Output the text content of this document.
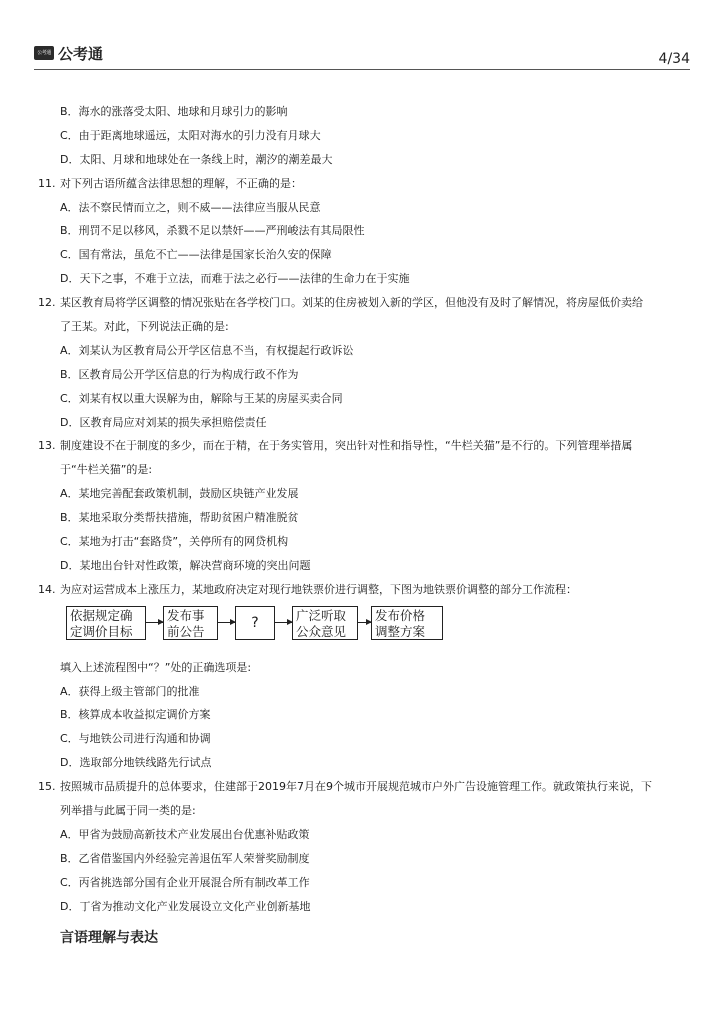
公考通 公考通	4/34
B．海水的涨落受太阳、地球和月球引力的影响
C．由于距离地球遥远，太阳对海水的引力没有月球大
D．太阳、月球和地球处在一条线上时，潮汐的潮差最大
11. 对下列古语所蕴含法律思想的理解，不正确的是：
A．法不察民情而立之，则不威——法律应当服从民意
B．刑罚不足以移风，杀戮不足以禁奸——严刑峻法有其局限性
C．国有常法，虽危不亡——法律是国家长治久安的保障
D．天下之事，不难于立法，而难于法之必行——法律的生命力在于实施
12. 某区教育局将学区调整的情况张贴在各学校门口。刘某的住房被划入新的学区，但他没有及时了解情况，将房屋低价卖给
了王某。对此，下列说法正确的是:
A．刘某认为区教育局公开学区信息不当，有权提起行政诉讼
B．区教育局公开学区信息的行为构成行政不作为
C．刘某有权以重大误解为由，解除与王某的房屋买卖合同
D．区教育局应对刘某的损失承担赔偿责任
13. 制度建设不在于制度的多少，而在于精，在于务实管用，突出针对性和指导性，“牛栏关猫”是不行的。下列管理举措属
于“牛栏关猫”的是:
A．某地完善配套政策机制，鼓励区块链产业发展
B．某地采取分类帮扶措施，帮助贫困户精准脱贫
C．某地为打击“套路贷”，关停所有的网贷机构
D．某地出台针对性政策，解决营商环境的突出问题
14. 为应对运营成本上涨压力，某地政府决定对现行地铁票价进行调整，下图为地铁票价调整的部分工作流程：
依据规定确
定调价目标
发布事
前公告
?	广泛听取
公众意见
发布价格
调整方案
填入上述流程图中“？”处的正确选项是:
A．获得上级主管部门的批准
B．核算成本收益拟定调价方案
C．与地铁公司进行沟通和协调
D．选取部分地铁线路先行试点
15. 按照城市品质提升的总体要求，住建部于2019年7月在9个城市开展规范城市户外广告设施管理工作。就政策执行来说，下
列举措与此属于同一类的是:
A．甲省为鼓励高新技术产业发展出台优惠补贴政策
B．乙省借鉴国内外经验完善退伍军人荣誉奖励制度
C．丙省挑选部分国有企业开展混合所有制改革工作
D．丁省为推动文化产业发展设立文化产业创新基地
言语理解与表达
